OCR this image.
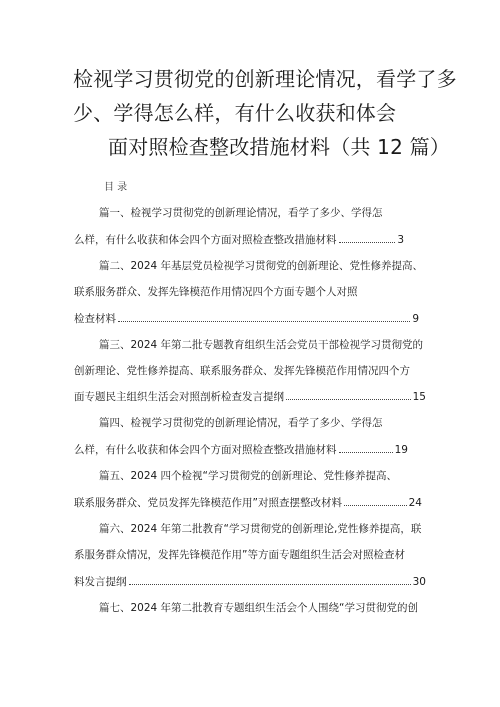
检视学习贯彻党的创新理论情况，看学了多
少、学得怎么样，有什么收获和体会
面对照检查整改措施材料（共 12 篇）
目 录
篇一、检视学习贯彻党的创新理论情况，看学了多少、学得怎
么样，有什么收获和体会四个方面对照检查整改措施材料	3
篇二、2024 年基层党员检视学习贯彻党的创新理论、党性修养提高、
联系服务群众、发挥先锋模范作用情况四个方面专题个人对照
检查材料	9
篇三、2024 年第二批专题教育组织生活会党员干部检视学习贯彻党的
创新理论、党性修养提高、联系服务群众、发挥先锋模范作用情况四个方
面专题民主组织生活会对照剖析检查发言提纲	15
篇四、检视学习贯彻党的创新理论情况，看学了多少、学得怎
么样，有什么收获和体会四个方面对照检查整改措施材料	19
篇五、2024 四个检视“学习贯彻党的创新理论、党性修养提高、
联系服务群众、党员发挥先锋模范作用”对照查摆整改材料	24
篇六、2024 年第二批教育“学习贯彻党的创新理论,党性修养提高，联
系服务群众情况，发挥先锋模范作用”等方面专题组织生活会对照检查材
料发言提纲	30
篇七、2024 年第二批教育专题组织生活会个人围绕“学习贯彻党的创
